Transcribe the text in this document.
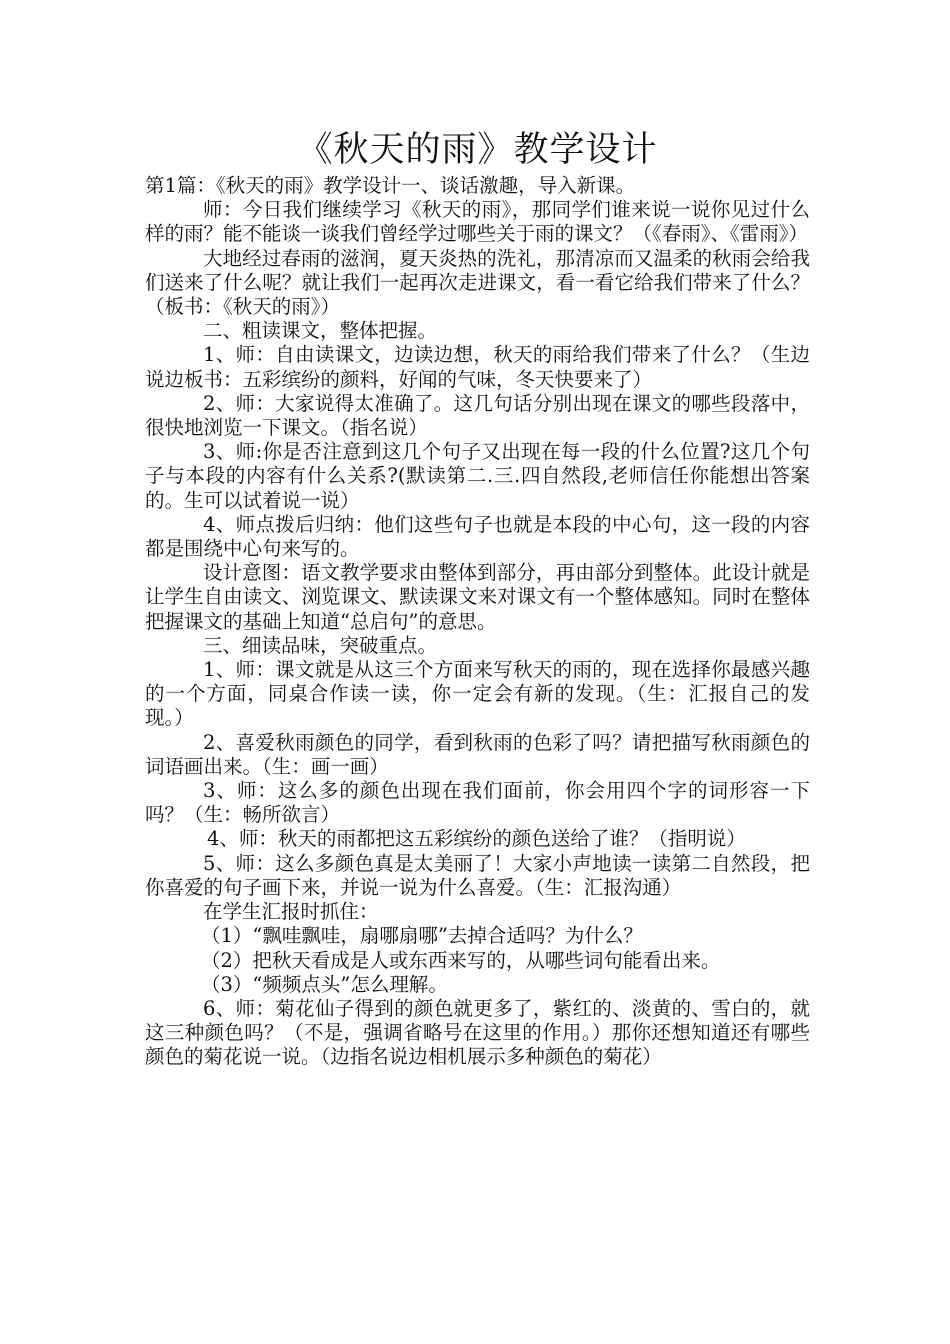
《秋天的雨》教学设计

第1篇：《秋天的雨》教学设计一、谈话激趣，导入新课。

师：今日我们继续学习《秋天的雨》，那同学们谁来说一说你见过什么样的雨？能不能谈一谈我们曾经学过哪些关于雨的课文？（《春雨》、《雷雨》）

大地经过春雨的滋润，夏天炎热的洗礼，那清凉而又温柔的秋雨会给我们送来了什么呢？就让我们一起再次走进课文，看一看它给我们带来了什么？（板书：《秋天的雨》）

二、粗读课文，整体把握。

1、师：自由读课文，边读边想，秋天的雨给我们带来了什么？（生边说边板书：五彩缤纷的颜料，好闻的气味，冬天快要来了）

2、师：大家说得太准确了。这几句话分别出现在课文的哪些段落中，很快地浏览一下课文。（指名说）

3、师:你是否注意到这几个句子又出现在每一段的什么位置?这几个句子与本段的内容有什么关系?(默读第二.三.四自然段,老师信任你能想出答案的。生可以试着说一说）

4、师点拨后归纳：他们这些句子也就是本段的中心句，这一段的内容都是围绕中心句来写的。

设计意图：语文教学要求由整体到部分，再由部分到整体。此设计就是让学生自由读文、浏览课文、默读课文来对课文有一个整体感知。同时在整体把握课文的基础上知道“总启句”的意思。

三、细读品味，突破重点。

1、师：课文就是从这三个方面来写秋天的雨的，现在选择你最感兴趣的一个方面，同桌合作读一读，你一定会有新的发现。（生：汇报自己的发现。）

2、喜爱秋雨颜色的同学，看到秋雨的色彩了吗？请把描写秋雨颜色的词语画出来。（生：画一画）

3、师：这么多的颜色出现在我们面前，你会用四个字的词形容一下吗？（生：畅所欲言）

4、师：秋天的雨都把这五彩缤纷的颜色送给了谁？（指明说）

5、师：这么多颜色真是太美丽了！大家小声地读一读第二自然段，把你喜爱的句子画下来，并说一说为什么喜爱。（生：汇报沟通）

在学生汇报时抓住：

（1）“飘哇飘哇，扇哪扇哪”去掉合适吗？为什么？

（2）把秋天看成是人或东西来写的，从哪些词句能看出来。

（3）“频频点头”怎么理解。

6、师：菊花仙子得到的颜色就更多了，紫红的、淡黄的、雪白的，就这三种颜色吗？（不是，强调省略号在这里的作用。）那你还想知道还有哪些颜色的菊花说一说。（边指名说边相机展示多种颜色的菊花）
